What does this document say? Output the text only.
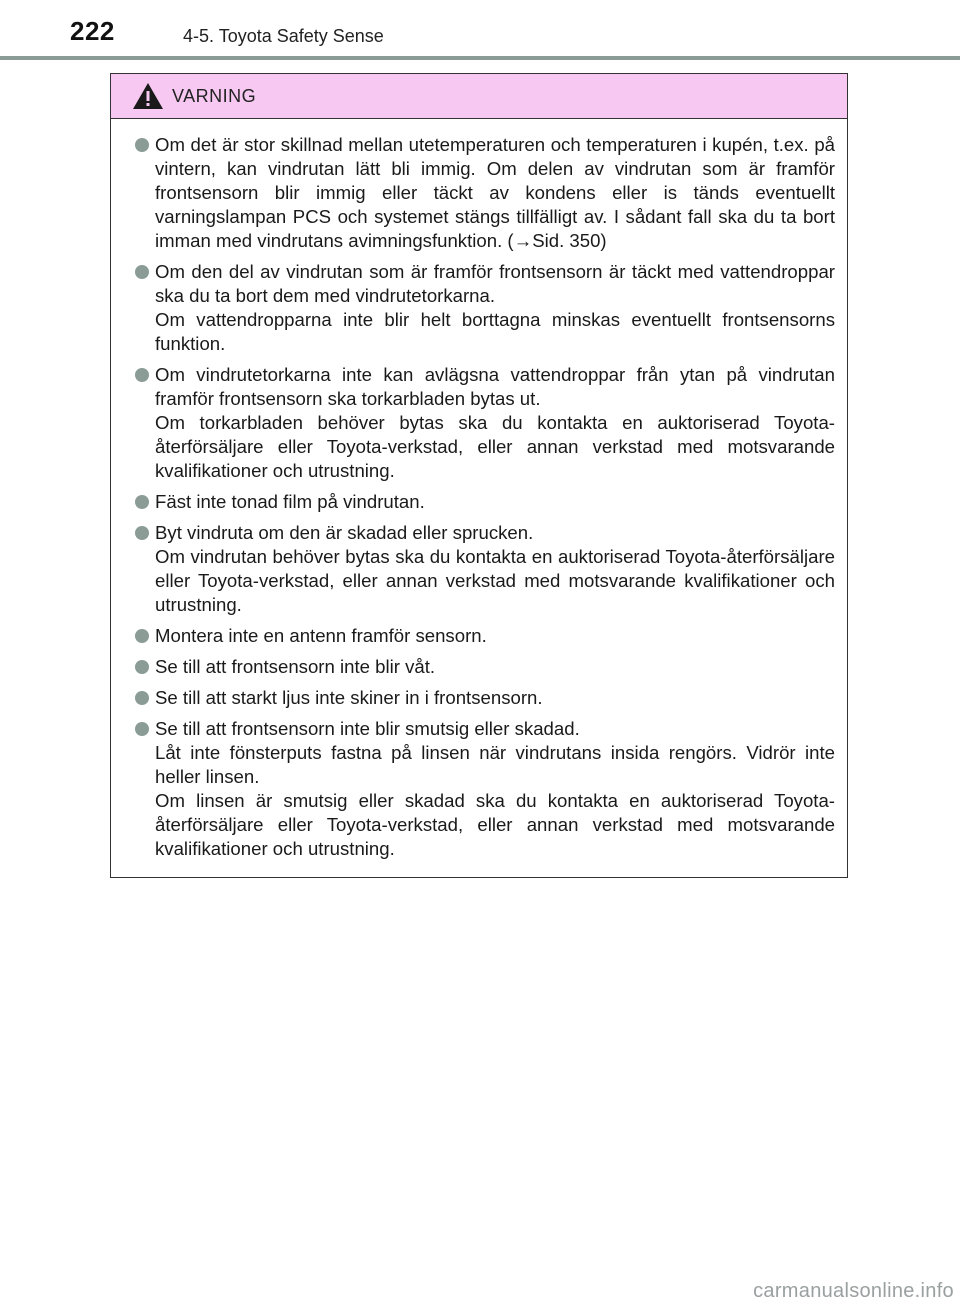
222	4-5. Toyota Safety Sense
VARNING
Om det är stor skillnad mellan utetemperaturen och temperaturen i kupén, t.ex. på vintern, kan vindrutan lätt bli immig. Om delen av vindrutan som är framför frontsensorn blir immig eller täckt av kondens eller is tänds eventuellt varningslampan PCS och systemet stängs tillfälligt av. I sådant fall ska du ta bort imman med vindrutans avimningsfunktion. (→Sid. 350)
Om den del av vindrutan som är framför frontsensorn är täckt med vattendroppar ska du ta bort dem med vindrutetorkarna.
Om vattendropparna inte blir helt borttagna minskas eventuellt frontsensorns funktion.
Om vindrutetorkarna inte kan avlägsna vattendroppar från ytan på vindrutan framför frontsensorn ska torkarbladen bytas ut.
Om torkarbladen behöver bytas ska du kontakta en auktoriserad Toyota-återförsäljare eller Toyota-verkstad, eller annan verkstad med motsvarande kvalifikationer och utrustning.
Fäst inte tonad film på vindrutan.
Byt vindruta om den är skadad eller sprucken.
Om vindrutan behöver bytas ska du kontakta en auktoriserad Toyota-återförsäljare eller Toyota-verkstad, eller annan verkstad med motsvarande kvalifikationer och utrustning.
Montera inte en antenn framför sensorn.
Se till att frontsensorn inte blir våt.
Se till att starkt ljus inte skiner in i frontsensorn.
Se till att frontsensorn inte blir smutsig eller skadad.
Låt inte fönsterputs fastna på linsen när vindrutans insida rengörs. Vidrör inte heller linsen.
Om linsen är smutsig eller skadad ska du kontakta en auktoriserad Toyota-återförsäljare eller Toyota-verkstad, eller annan verkstad med motsvarande kvalifikationer och utrustning.
carmanualsonline.info
